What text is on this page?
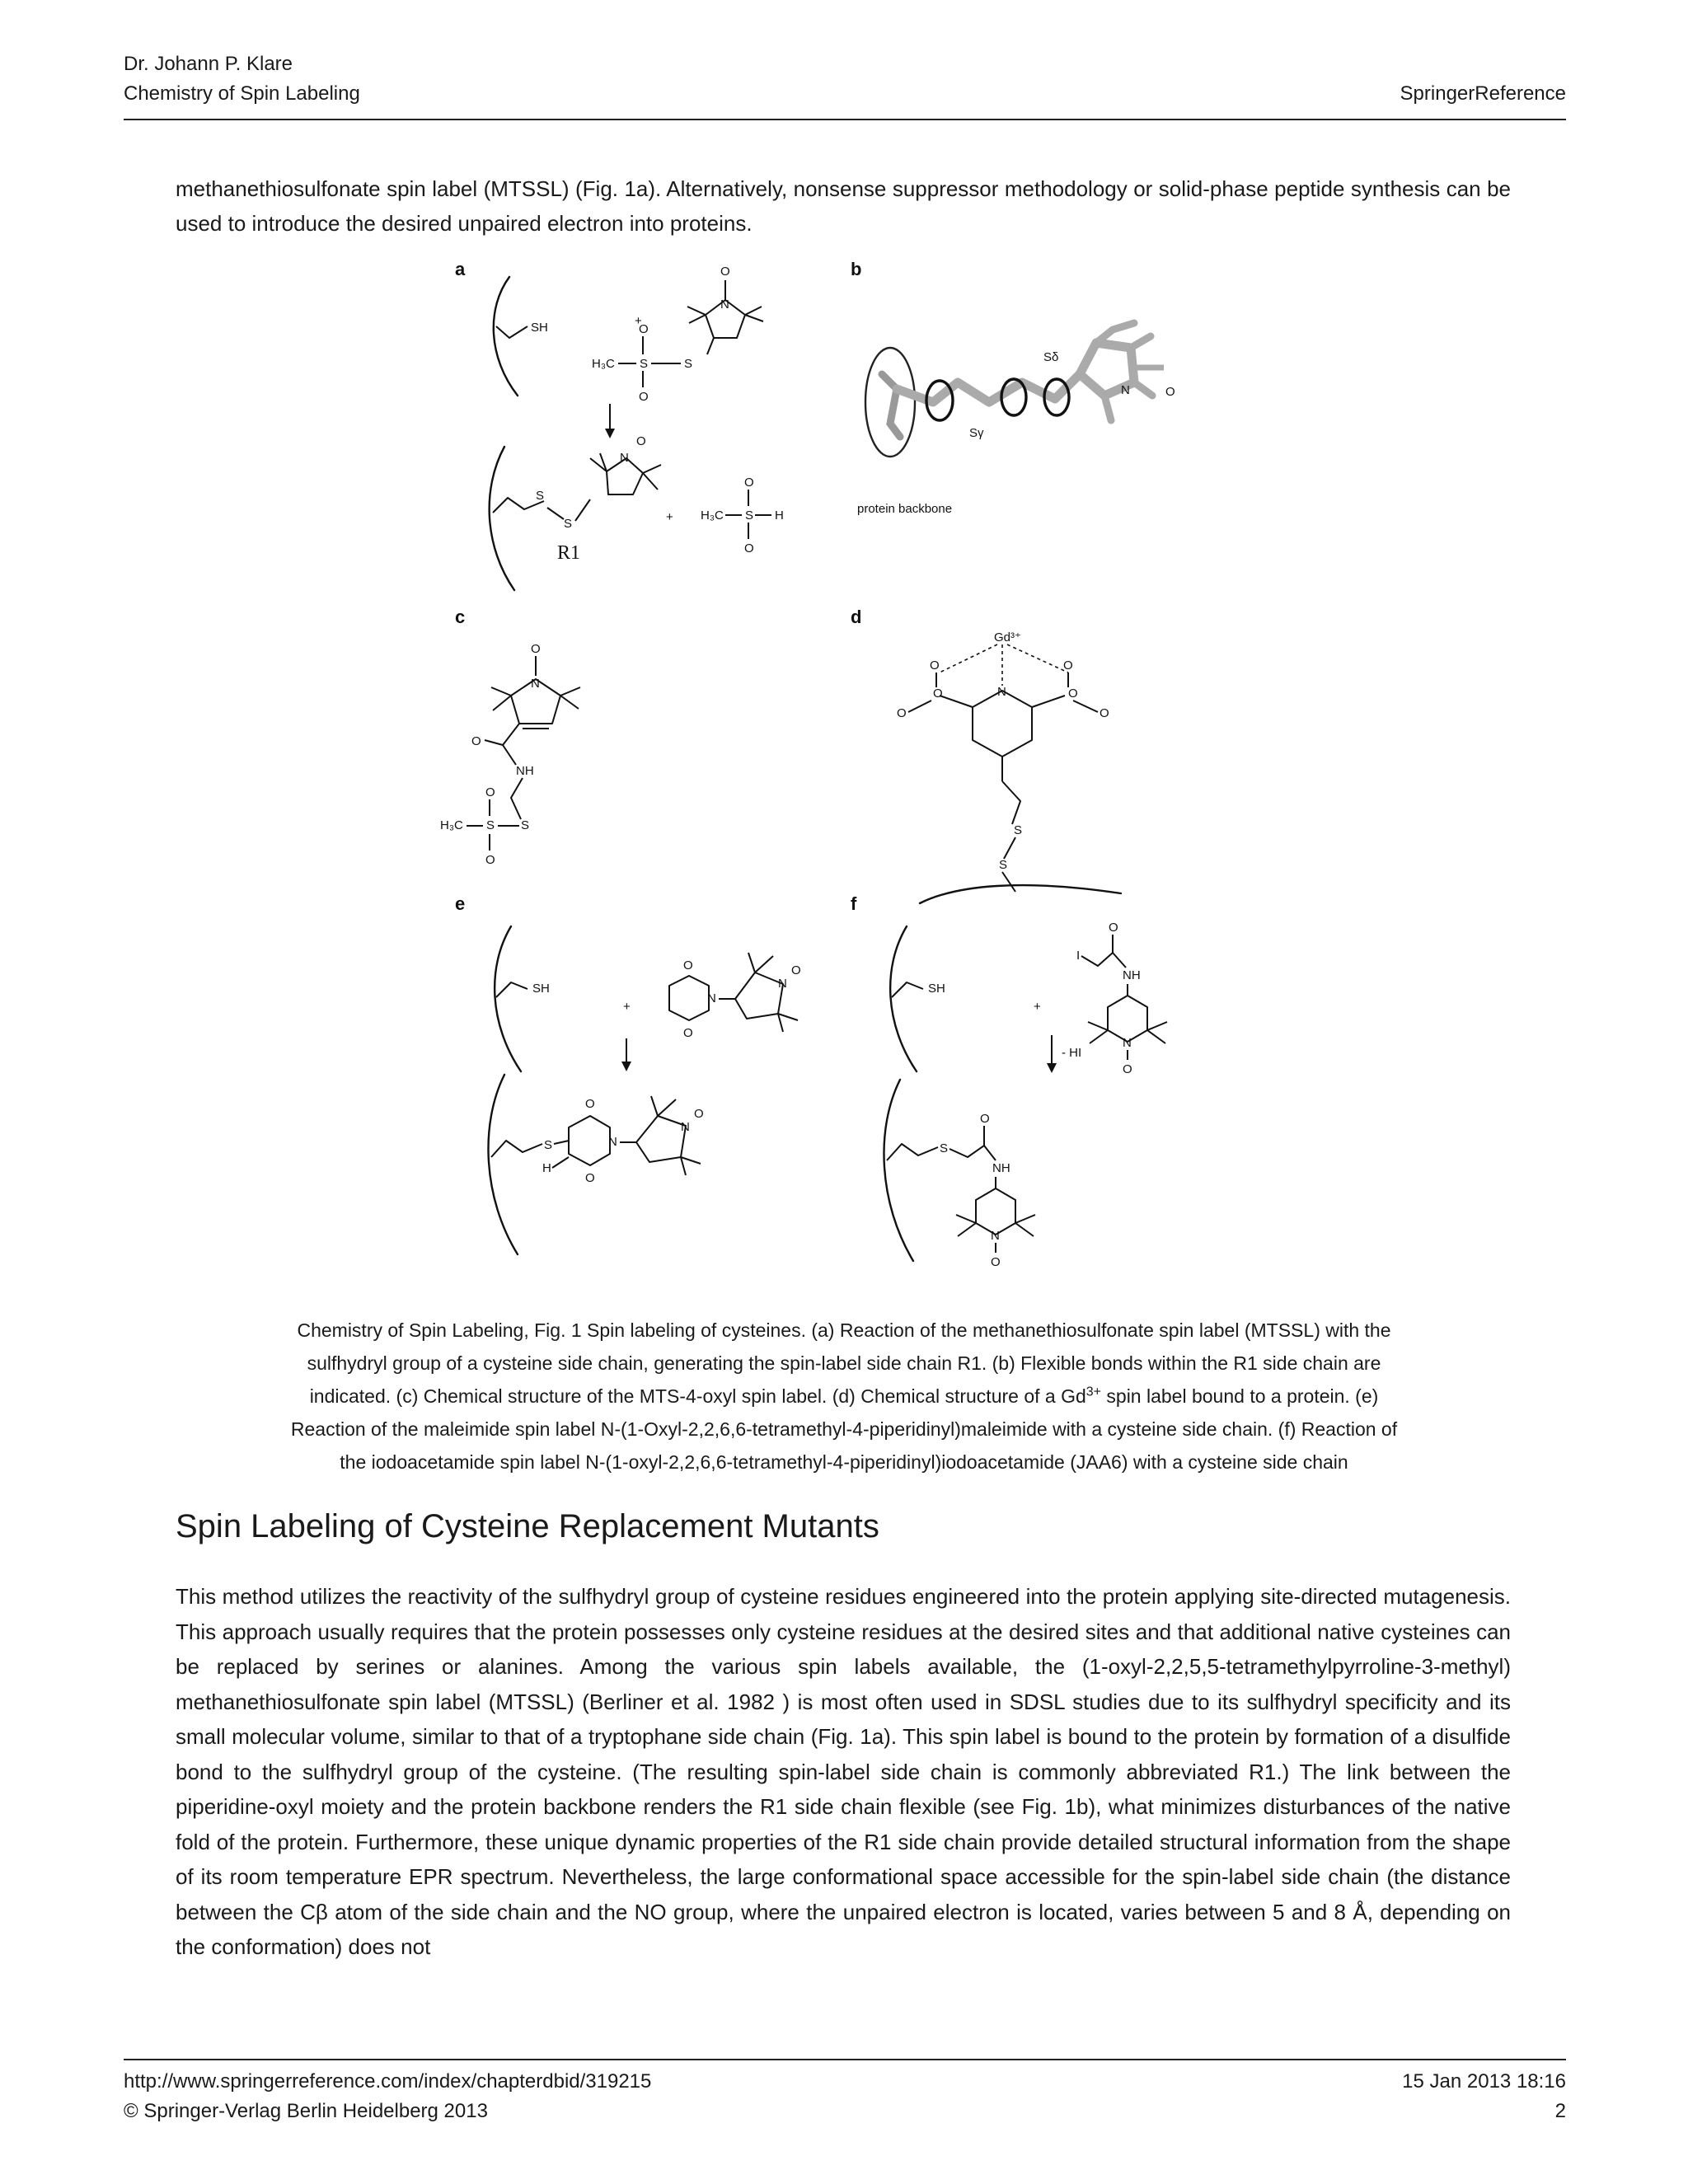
Dr. Johann P. Klare
Chemistry of Spin Labeling	SpringerReference
methanethiosulfonate spin label (MTSSL) (Fig. 1a). Alternatively, nonsense suppressor methodology or solid-phase peptide synthesis can be used to introduce the desired unpaired electron into proteins.
a	b
c	d
e	f
SH	+
O
N
S
S
O
O
H₃C
S
S
N
O
R1
+ H₃C S
O
O
H
N	O
Sδ
Sγ
protein backbone
O
N
O
NH
S
S
O
O
H₃C
Gd³⁺
N
O	O
O	O
O	O
S
S
SH
+
O
O
N
N
O
S
O
O
H
N
N
O
SH
+
I
O
NH
N
O
- HI
S
O
NH
N
O
Chemistry of Spin Labeling, Fig. 1 Spin labeling of cysteines. (a) Reaction of the methanethiosulfonate spin label (MTSSL) with the
sulfhydryl group of a cysteine side chain, generating the spin-label side chain R1. (b) Flexible bonds within the R1 side chain are
indicated. (c) Chemical structure of the MTS-4-oxyl spin label. (d) Chemical structure of a $Gd^{3+}$ spin label bound to a protein. (e)
Reaction of the maleimide spin label N-(1-Oxyl-2,2,6,6-tetramethyl-4-piperidinyl)maleimide with a cysteine side chain. (f) Reaction of
the iodoacetamide spin label N-(1-oxyl-2,2,6,6-tetramethyl-4-piperidinyl)iodoacetamide (JAA6) with a cysteine side chain
Spin Labeling of Cysteine Replacement Mutants
This method utilizes the reactivity of the sulfhydryl group of cysteine residues engineered into the protein applying site-directed mutagenesis. This approach usually requires that the protein possesses only cysteine residues at the desired sites and that additional native cysteines can be replaced by serines or alanines. Among the various spin labels available, the (1-oxyl-2,2,5,5-tetramethylpyrroline-3-methyl) methanethiosulfonate spin label (MTSSL) (Berliner et al. 1982 ) is most often used in SDSL studies due to its sulfhydryl specificity and its small molecular volume, similar to that of a tryptophane side chain (Fig. 1a). This spin label is bound to the protein by formation of a disulfide bond to the sulfhydryl group of the cysteine. (The resulting spin-label side chain is commonly abbreviated R1.) The link between the piperidine-oxyl moiety and the protein backbone renders the R1 side chain flexible (see Fig. 1b), what minimizes disturbances of the native fold of the protein. Furthermore, these unique dynamic properties of the R1 side chain provide detailed structural information from the shape of its room temperature EPR spectrum. Nevertheless, the large conformational space accessible for the spin-label side chain (the distance between the Cβ atom of the side chain and the NO group, where the unpaired electron is located, varies between 5 and 8 Å, depending on the conformation) does not
http://www.springerreference.com/index/chapterdbid/319215
© Springer-Verlag Berlin Heidelberg 2013
15 Jan 2013 18:16
2
